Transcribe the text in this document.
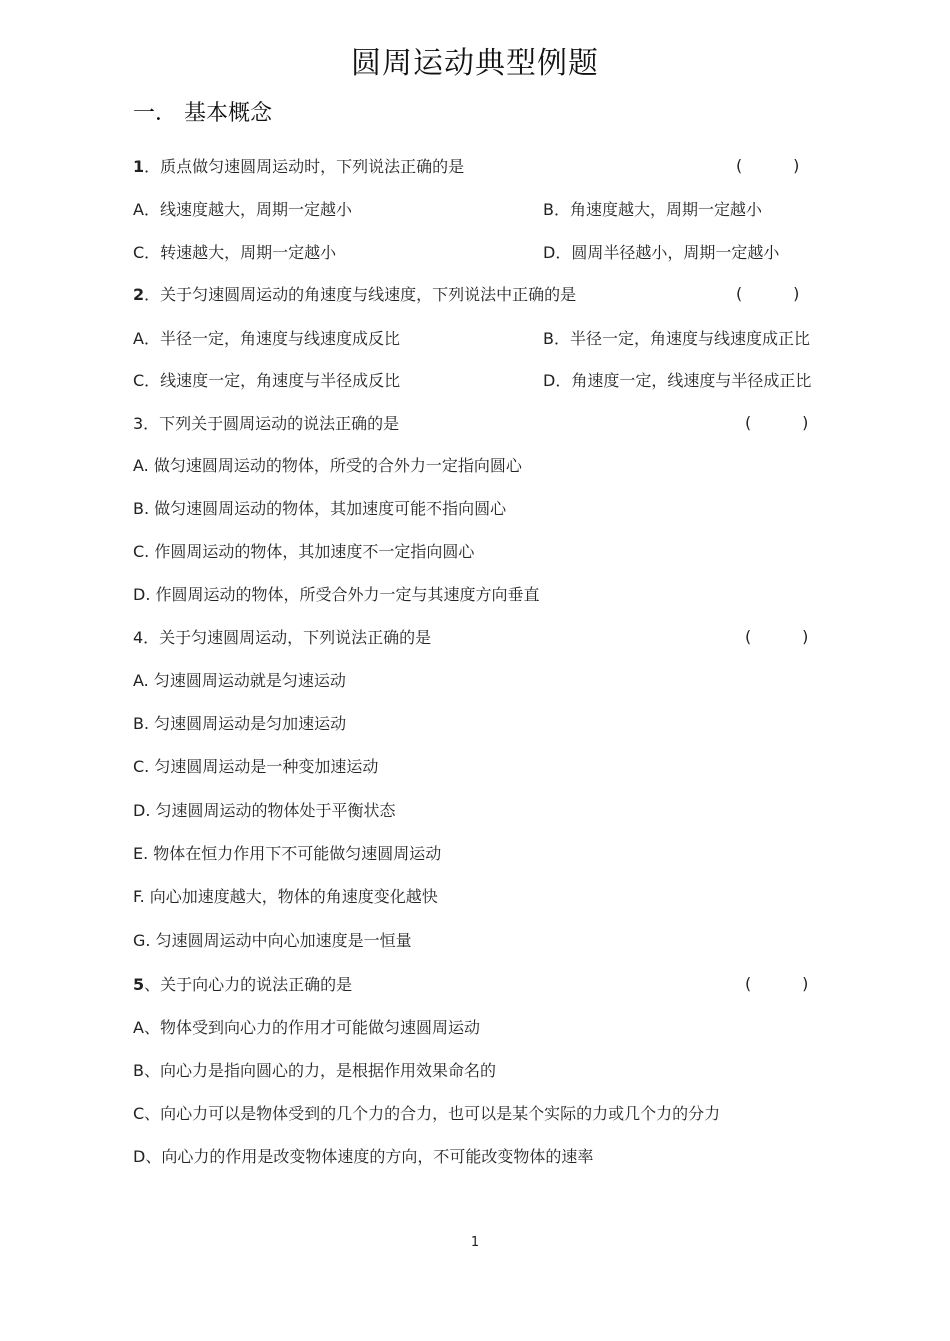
圆周运动典型例题
一． 基本概念
1．质点做匀速圆周运动时，下列说法正确的是	(          )
A．线速度越大，周期一定越小	B．角速度越大，周期一定越小
C．转速越大，周期一定越小	D．圆周半径越小，周期一定越小
2．关于匀速圆周运动的角速度与线速度，下列说法中正确的是	(          )
A．半径一定，角速度与线速度成反比	B．半径一定，角速度与线速度成正比
C．线速度一定，角速度与半径成反比	D．角速度一定，线速度与半径成正比
3．下列关于圆周运动的说法正确的是	(          )
A. 做匀速圆周运动的物体，所受的合外力一定指向圆心
B. 做匀速圆周运动的物体，其加速度可能不指向圆心
C. 作圆周运动的物体，其加速度不一定指向圆心
D. 作圆周运动的物体，所受合外力一定与其速度方向垂直
4．关于匀速圆周运动，下列说法正确的是	(          )
A. 匀速圆周运动就是匀速运动
B. 匀速圆周运动是匀加速运动
C. 匀速圆周运动是一种变加速运动
D. 匀速圆周运动的物体处于平衡状态
E. 物体在恒力作用下不可能做匀速圆周运动
F. 向心加速度越大，物体的角速度变化越快
G. 匀速圆周运动中向心加速度是一恒量
5、关于向心力的说法正确的是	(          )
A、物体受到向心力的作用才可能做匀速圆周运动
B、向心力是指向圆心的力，是根据作用效果命名的
C、向心力可以是物体受到的几个力的合力，也可以是某个实际的力或几个力的分力
D、向心力的作用是改变物体速度的方向，不可能改变物体的速率
1
